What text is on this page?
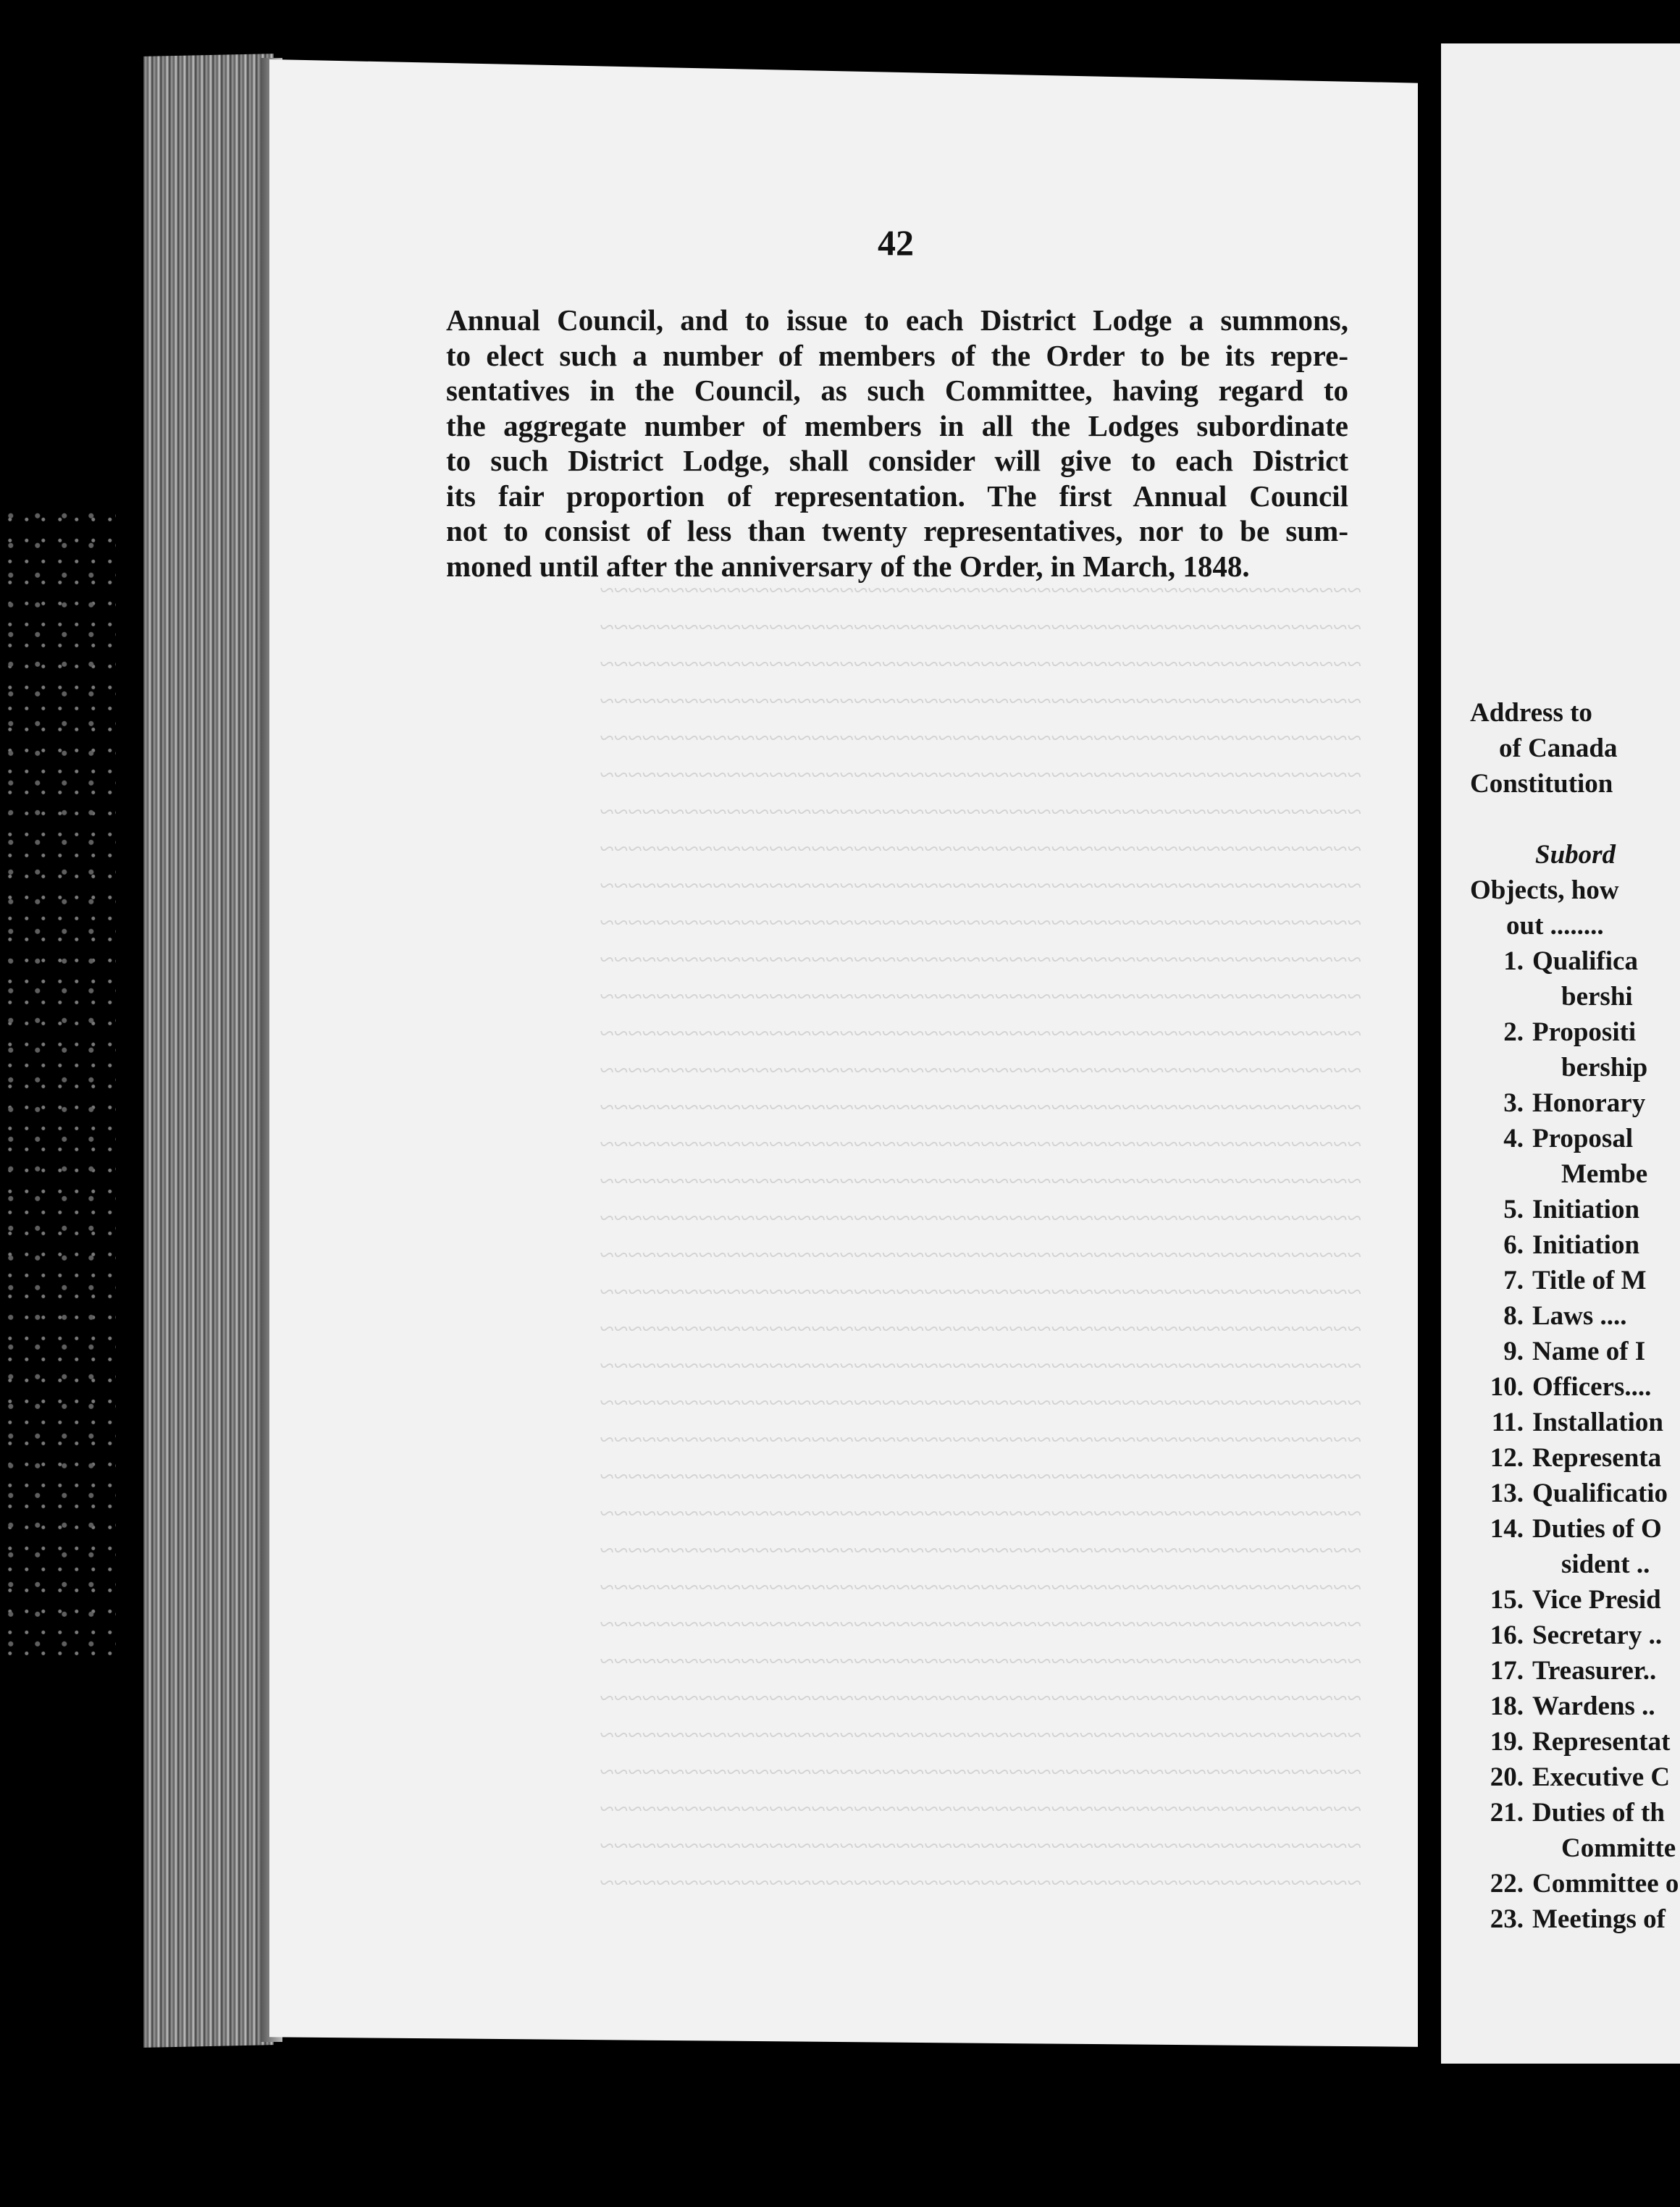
~~~~~~~~~~~~~~~~~~~~~~~~~~~~~~~~~~~~~~~~~~~~~~~~~~~~~~
~~~~~~~~~~~~~~~~~~~~~~~~~~~~~~~~~~~~~~~~~~~~~~~~~~~~~~
~~~~~~~~~~~~~~~~~~~~~~~~~~~~~~~~~~~~~~~~~~~~~~~~~~~~~~
~~~~~~~~~~~~~~~~~~~~~~~~~~~~~~~~~~~~~~~~~~~~~~~~~~~~~~
~~~~~~~~~~~~~~~~~~~~~~~~~~~~~~~~~~~~~~~~~~~~~~~~~~~~~~
~~~~~~~~~~~~~~~~~~~~~~~~~~~~~~~~~~~~~~~~~~~~~~~~~~~~~~
~~~~~~~~~~~~~~~~~~~~~~~~~~~~~~~~~~~~~~~~~~~~~~~~~~~~~~
~~~~~~~~~~~~~~~~~~~~~~~~~~~~~~~~~~~~~~~~~~~~~~~~~~~~~~
~~~~~~~~~~~~~~~~~~~~~~~~~~~~~~~~~~~~~~~~~~~~~~~~~~~~~~
~~~~~~~~~~~~~~~~~~~~~~~~~~~~~~~~~~~~~~~~~~~~~~~~~~~~~~
~~~~~~~~~~~~~~~~~~~~~~~~~~~~~~~~~~~~~~~~~~~~~~~~~~~~~~
~~~~~~~~~~~~~~~~~~~~~~~~~~~~~~~~~~~~~~~~~~~~~~~~~~~~~~
~~~~~~~~~~~~~~~~~~~~~~~~~~~~~~~~~~~~~~~~~~~~~~~~~~~~~~
~~~~~~~~~~~~~~~~~~~~~~~~~~~~~~~~~~~~~~~~~~~~~~~~~~~~~~
~~~~~~~~~~~~~~~~~~~~~~~~~~~~~~~~~~~~~~~~~~~~~~~~~~~~~~
~~~~~~~~~~~~~~~~~~~~~~~~~~~~~~~~~~~~~~~~~~~~~~~~~~~~~~
~~~~~~~~~~~~~~~~~~~~~~~~~~~~~~~~~~~~~~~~~~~~~~~~~~~~~~
~~~~~~~~~~~~~~~~~~~~~~~~~~~~~~~~~~~~~~~~~~~~~~~~~~~~~~
~~~~~~~~~~~~~~~~~~~~~~~~~~~~~~~~~~~~~~~~~~~~~~~~~~~~~~
~~~~~~~~~~~~~~~~~~~~~~~~~~~~~~~~~~~~~~~~~~~~~~~~~~~~~~
~~~~~~~~~~~~~~~~~~~~~~~~~~~~~~~~~~~~~~~~~~~~~~~~~~~~~~
~~~~~~~~~~~~~~~~~~~~~~~~~~~~~~~~~~~~~~~~~~~~~~~~~~~~~~
~~~~~~~~~~~~~~~~~~~~~~~~~~~~~~~~~~~~~~~~~~~~~~~~~~~~~~
~~~~~~~~~~~~~~~~~~~~~~~~~~~~~~~~~~~~~~~~~~~~~~~~~~~~~~
~~~~~~~~~~~~~~~~~~~~~~~~~~~~~~~~~~~~~~~~~~~~~~~~~~~~~~
~~~~~~~~~~~~~~~~~~~~~~~~~~~~~~~~~~~~~~~~~~~~~~~~~~~~~~
~~~~~~~~~~~~~~~~~~~~~~~~~~~~~~~~~~~~~~~~~~~~~~~~~~~~~~
~~~~~~~~~~~~~~~~~~~~~~~~~~~~~~~~~~~~~~~~~~~~~~~~~~~~~~
~~~~~~~~~~~~~~~~~~~~~~~~~~~~~~~~~~~~~~~~~~~~~~~~~~~~~~
~~~~~~~~~~~~~~~~~~~~~~~~~~~~~~~~~~~~~~~~~~~~~~~~~~~~~~
~~~~~~~~~~~~~~~~~~~~~~~~~~~~~~~~~~~~~~~~~~~~~~~~~~~~~~
~~~~~~~~~~~~~~~~~~~~~~~~~~~~~~~~~~~~~~~~~~~~~~~~~~~~~~
~~~~~~~~~~~~~~~~~~~~~~~~~~~~~~~~~~~~~~~~~~~~~~~~~~~~~~
~~~~~~~~~~~~~~~~~~~~~~~~~~~~~~~~~~~~~~~~~~~~~~~~~~~~~~
~~~~~~~~~~~~~~~~~~~~~~~~~~~~~~~~~~~~~~~~~~~~~~~~~~~~~~
~~~~~~~~~~~~~~~~~~~~~~~~~~~~~~~~~~~~~~~~~~~~~~~~~~~~~~
42
Annual Council, and to issue to each District Lodge a summons,
to elect such a number of members of the Order to be its repre-
sentatives in the Council, as such Committee, having regard to
the aggregate number of members in all the Lodges subordinate
to such District Lodge, shall consider will give to each District
its fair proportion of representation. The first Annual Council
not to consist of less than twenty representatives, nor to be sum-
moned until after the anniversary of the Order, in March, 1848.
Address to
of Canada
Constitution
Subord
Objects, how
out ........
1. Qualifica
bershi
2. Propositi
bership
3. Honorary
4. Proposal
Membe
5. Initiation
6. Initiation
7. Title of M
8. Laws ....
9. Name of I
10. Officers....
11. Installation
12. Representa
13. Qualificatio
14. Duties of O
sident ..
15. Vice Presid
16. Secretary ..
17. Treasurer..
18. Wardens ..
19. Representat
20. Executive C
21. Duties of th
Committe
22. Committee o
23. Meetings of
